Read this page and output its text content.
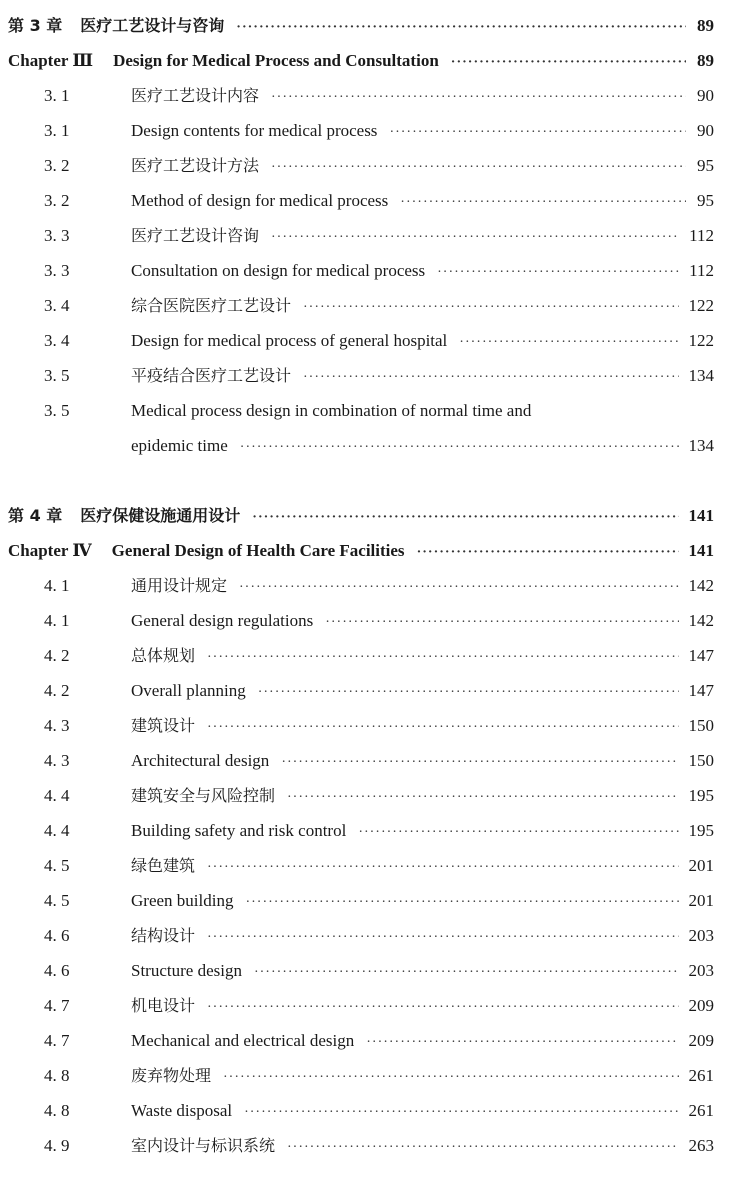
第 3 章 医疗工艺设计与咨询 ·····	89
Chapter Ⅲ Design for Medical Process and Consultation ·····	89
3. 1	医疗工艺设计内容 ·····	90
3. 1	Design contents for medical process ·····	90
3. 2	医疗工艺设计方法 ·····	95
3. 2	Method of design for medical process ·····	95
3. 3	医疗工艺设计咨询 ·····	112
3. 3	Consultation on design for medical process ·····	112
3. 4	综合医院医疗工艺设计 ·····	122
3. 4	Design for medical process of general hospital ·····	122
3. 5	平疫结合医疗工艺设计 ·····	134
3. 5	Medical process design in combination of normal time and
epidemic time ·····	134
第 4 章 医疗保健设施通用设计 ·····	141
Chapter Ⅳ General Design of Health Care Facilities ·····	141
4. 1	通用设计规定 ·····	142
4. 1	General design regulations ·····	142
4. 2	总体规划 ·····	147
4. 2	Overall planning ·····	147
4. 3	建筑设计 ·····	150
4. 3	Architectural design ·····	150
4. 4	建筑安全与风险控制 ·····	195
4. 4	Building safety and risk control ·····	195
4. 5	绿色建筑 ·····	201
4. 5	Green building ·····	201
4. 6	结构设计 ·····	203
4. 6	Structure design ·····	203
4. 7	机电设计 ·····	209
4. 7	Mechanical and electrical design ·····	209
4. 8	废弃物处理 ·····	261
4. 8	Waste disposal ·····	261
4. 9	室内设计与标识系统 ·····	263
